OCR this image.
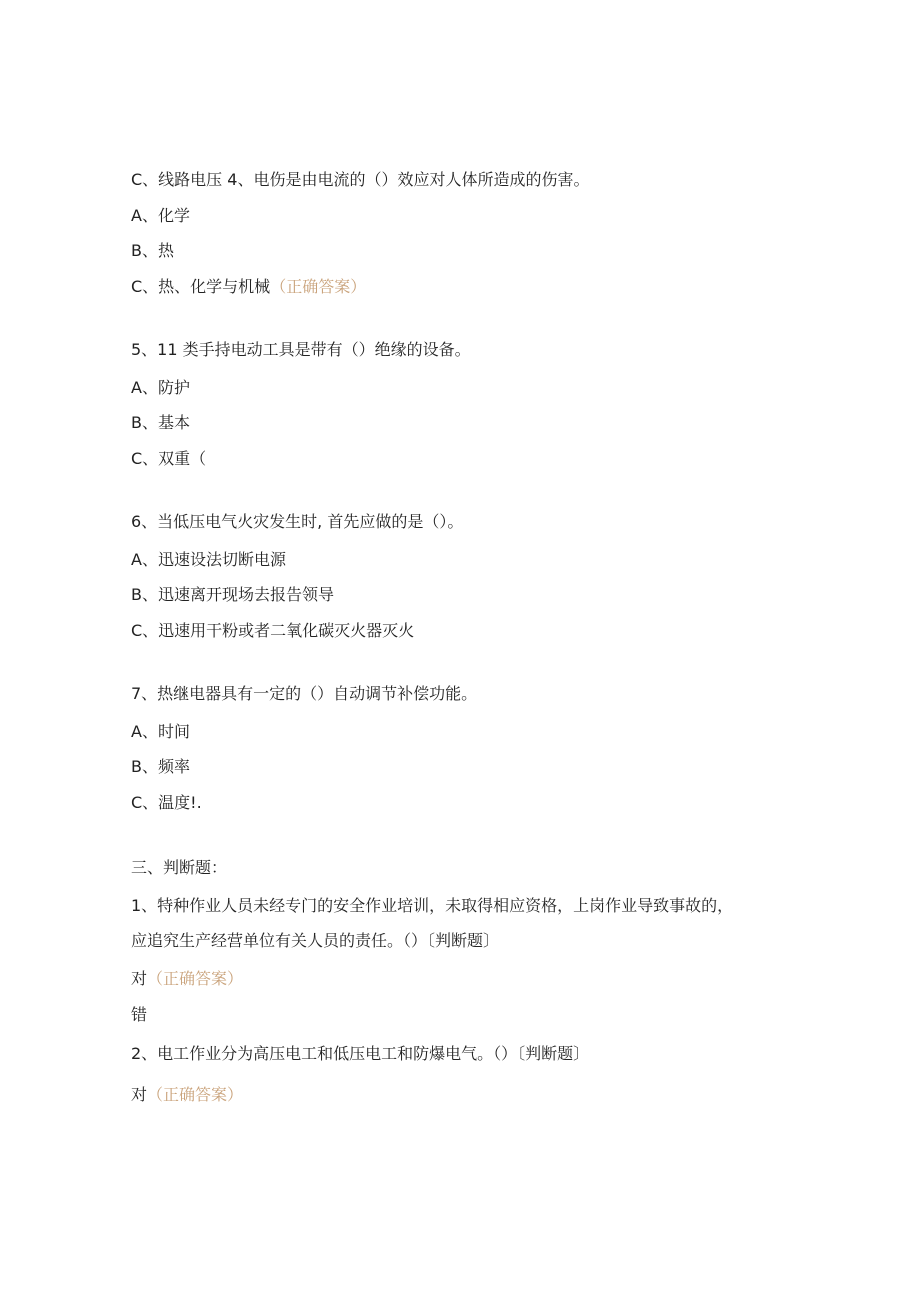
C、线路电压 4、电伤是由电流的（）效应对人体所造成的伤害。
A、化学
B、热
C、热、化学与机械（正确答案）
5、11 类手持电动工具是带有（）绝缘的设备。
A、防护
B、基本
C、双重（
6、当低压电气火灾发生时, 首先应做的是（）。
A、迅速设法切断电源
B、迅速离开现场去报告领导
C、迅速用干粉或者二氧化碳灭火器灭火
7、热继电器具有一定的（）自动调节补偿功能。
A、时间
B、频率
C、温度!.
三、判断题：
1、特种作业人员未经专门的安全作业培训，未取得相应资格，上岗作业导致事故的，
应追究生产经营单位有关人员的责任。（）〔判断题〕
对（正确答案）
错
2、电工作业分为高压电工和低压电工和防爆电气。（）〔判断题〕
对（正确答案）
